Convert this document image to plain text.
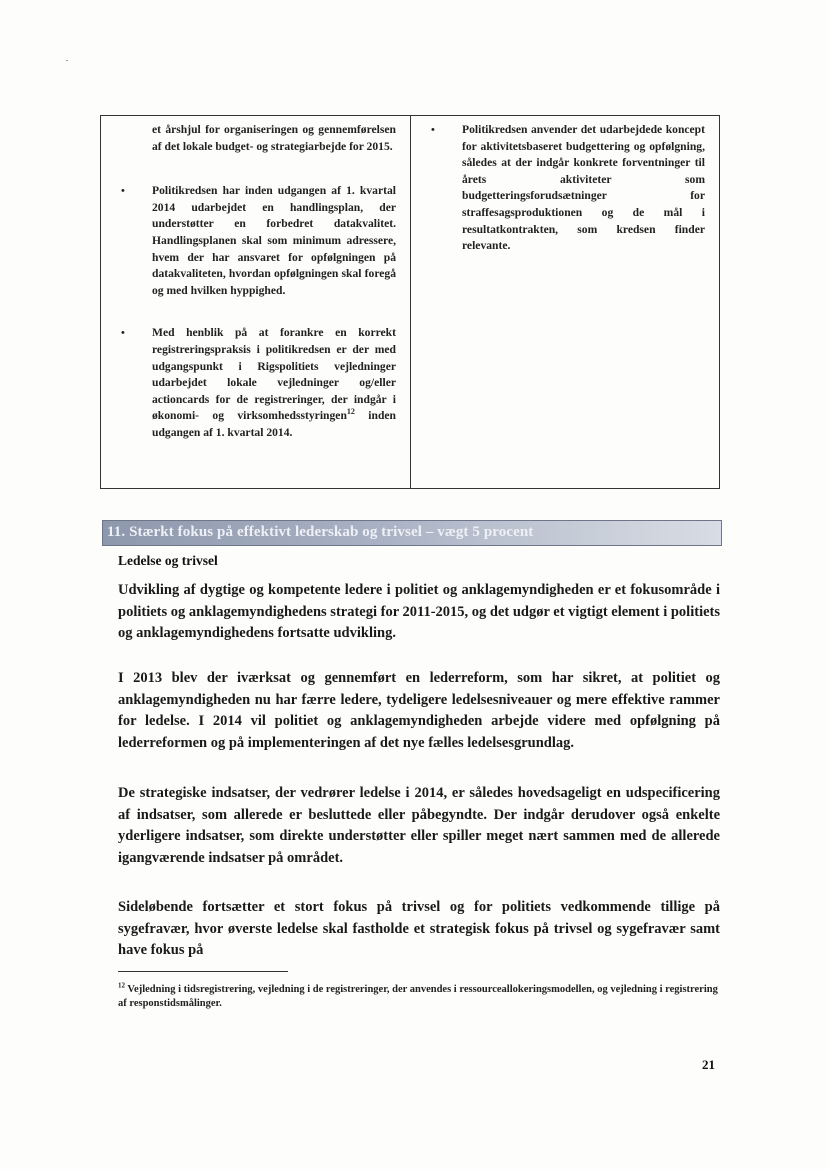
et årshjul for organiseringen og gennemførelsen af det lokale budget- og strategiarbejde for 2015.
•	Politikredsen har inden udgangen af 1. kvartal 2014 udarbejdet en handlingsplan, der understøtter en forbedret datakvalitet. Handlingsplanen skal som minimum adressere, hvem der har ansvaret for opfølgningen på datakvaliteten, hvordan opfølgningen skal foregå og med hvilken hyppighed.
•	Med henblik på at forankre en korrekt registreringspraksis i politikredsen er der med udgangspunkt i Rigspolitiets vejledninger udarbejdet lokale vejledninger og/eller actioncards for de registreringer, der indgår i økonomi- og virksomhedsstyringen$^{12}$ inden udgangen af 1. kvartal 2014.
•	Politikredsen anvender det udarbejdede koncept for aktivitetsbaseret budgettering og opfølgning, således at der indgår konkrete forventninger til årets aktiviteter som budgetteringsforudsætninger for straffesagsproduktionen og de mål i resultatkontrakten, som kredsen finder relevante.
11. Stærkt fokus på effektivt lederskab og trivsel – vægt 5 procent
Ledelse og trivsel
Udvikling af dygtige og kompetente ledere i politiet og anklagemyndigheden er et fokusområde i politiets og anklagemyndighedens strategi for 2011-2015, og det udgør et vigtigt element i politiets og anklagemyndighedens fortsatte udvikling.
I 2013 blev der iværksat og gennemført en lederreform, som har sikret, at politiet og anklagemyndigheden nu har færre ledere, tydeligere ledelsesniveauer og mere effektive rammer for ledelse. I 2014 vil politiet og anklagemyndigheden arbejde videre med opfølgning på lederreformen og på implementeringen af det nye fælles ledelsesgrundlag.
De strategiske indsatser, der vedrører ledelse i 2014, er således hovedsageligt en udspecificering af indsatser, som allerede er besluttede eller påbegyndte. Der indgår derudover også enkelte yderligere indsatser, som direkte understøtter eller spiller meget nært sammen med de allerede igangværende indsatser på området.
Sideløbende fortsætter et stort fokus på trivsel og for politiets vedkommende tillige på sygefravær, hvor øverste ledelse skal fastholde et strategisk fokus på trivsel og sygefravær samt have fokus på
$^{12}$ Vejledning i tidsregistrering, vejledning i de registreringer, der anvendes i ressourceallokeringsmodellen, og vejledning i registrering af responstidsmålinger.
21
